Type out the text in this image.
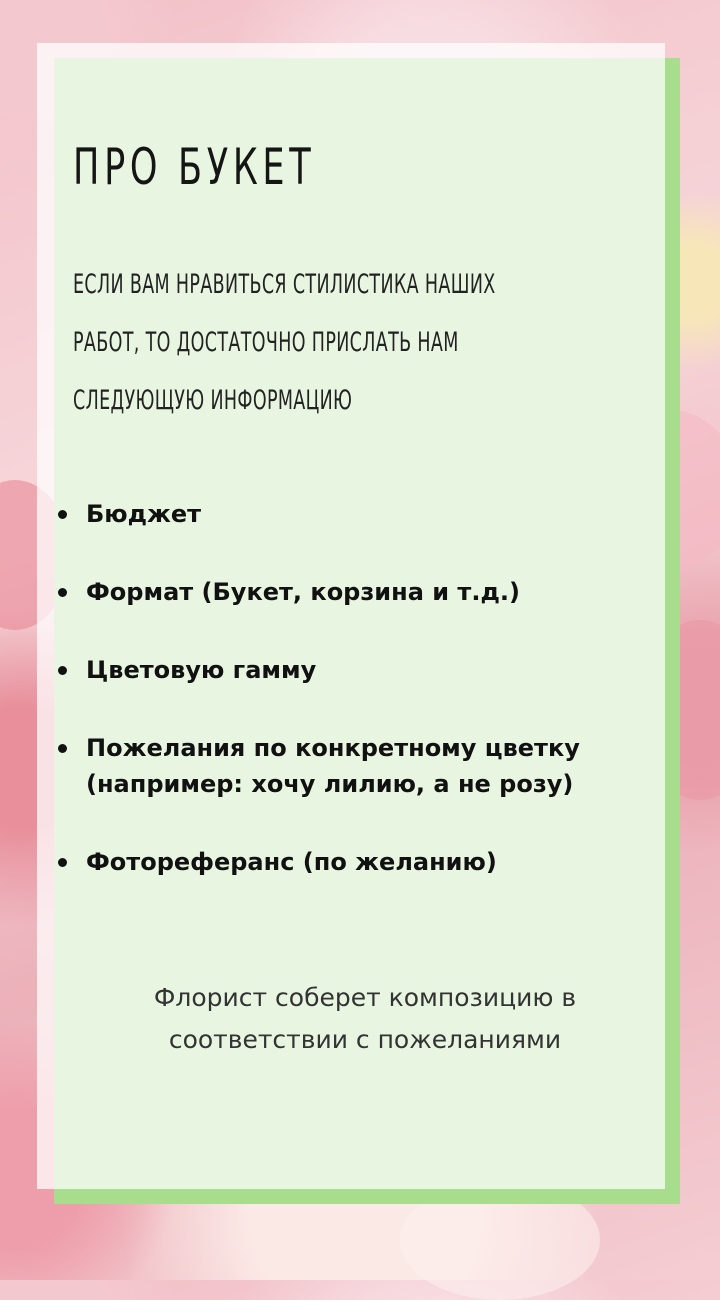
ПРО БУКЕТ
ЕСЛИ ВАМ НРАВИТЬСЯ СТИЛИСТИКА НАШИХ
РАБОТ, ТО ДОСТАТОЧНО ПРИСЛАТЬ НАМ
СЛЕДУЮЩУЮ ИНФОРМАЦИЮ
Бюджет
Формат (Букет, корзина и т.д.)
Цветовую гамму
Пожелания по конкретному цветку (например: хочу лилию, а не розу)
Фотореферанс (по желанию)
Флорист соберет композицию в
соответствии с пожеланиями
